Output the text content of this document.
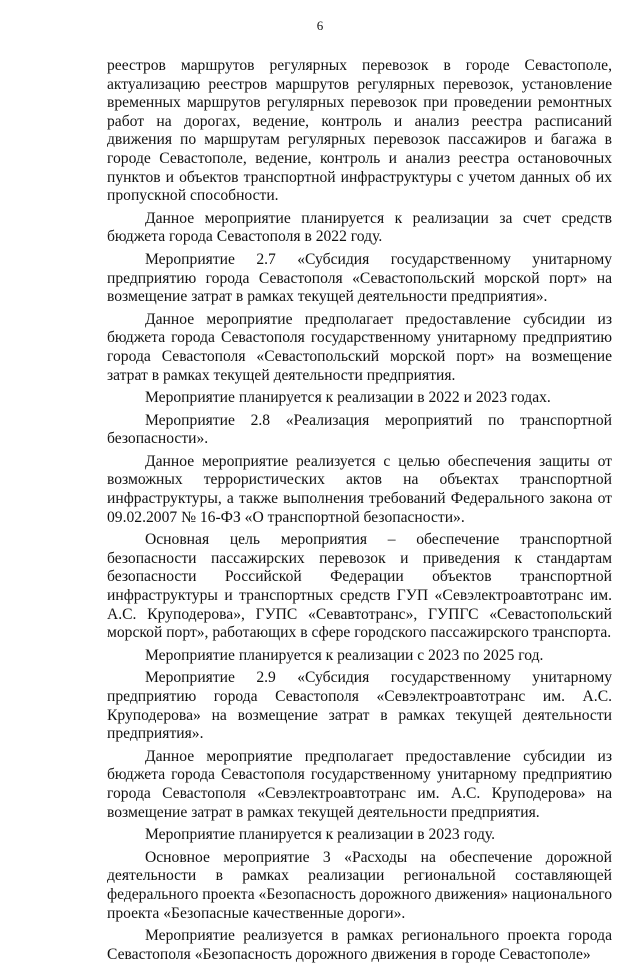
6

реестров маршрутов регулярных перевозок в городе Севастополе, актуализацию реестров маршрутов регулярных перевозок, установление временных маршрутов регулярных перевозок при проведении ремонтных работ на дорогах, ведение, контроль и анализ реестра расписаний движения по маршрутам регулярных перевозок пассажиров и багажа в городе Севастополе, ведение, контроль и анализ реестра остановочных пунктов и объектов транспортной инфраструктуры с учетом данных об их пропускной способности.

Данное мероприятие планируется к реализации за счет средств бюджета города Севастополя в 2022 году.

Мероприятие 2.7 «Субсидия государственному унитарному предприятию города Севастополя «Севастопольский морской порт» на возмещение затрат в рамках текущей деятельности предприятия».

Данное мероприятие предполагает предоставление субсидии из бюджета города Севастополя государственному унитарному предприятию города Севастополя «Севастопольский морской порт» на возмещение затрат в рамках текущей деятельности предприятия.

Мероприятие планируется к реализации в 2022 и 2023 годах.

Мероприятие 2.8 «Реализация мероприятий по транспортной безопасности».

Данное мероприятие реализуется с целью обеспечения защиты от возможных террористических актов на объектах транспортной инфраструктуры, а также выполнения требований Федерального закона от 09.02.2007 № 16-ФЗ «О транспортной безопасности».

Основная цель мероприятия – обеспечение транспортной безопасности пассажирских перевозок и приведения к стандартам безопасности Российской Федерации объектов транспортной инфраструктуры и транспортных средств ГУП «Севэлектроавтотранс им. А.С. Круподерова», ГУПС «Севавтотранс», ГУПГС «Севастопольский морской порт», работающих в сфере городского пассажирского транспорта.

Мероприятие планируется к реализации с 2023 по 2025 год.

Мероприятие 2.9 «Субсидия государственному унитарному предприятию города Севастополя «Севэлектроавтотранс им. А.С. Круподерова» на возмещение затрат в рамках текущей деятельности предприятия».

Данное мероприятие предполагает предоставление субсидии из бюджета города Севастополя государственному унитарному предприятию города Севастополя «Севэлектроавтотранс им. А.С. Круподерова» на возмещение затрат в рамках текущей деятельности предприятия.

Мероприятие планируется к реализации в 2023 году.

Основное мероприятие 3 «Расходы на обеспечение дорожной деятельности в рамках реализации региональной составляющей федерального проекта «Безопасность дорожного движения» национального проекта «Безопасные качественные дороги».

Мероприятие реализуется в рамках регионального проекта города Севастополя «Безопасность дорожного движения в городе Севастополе»
